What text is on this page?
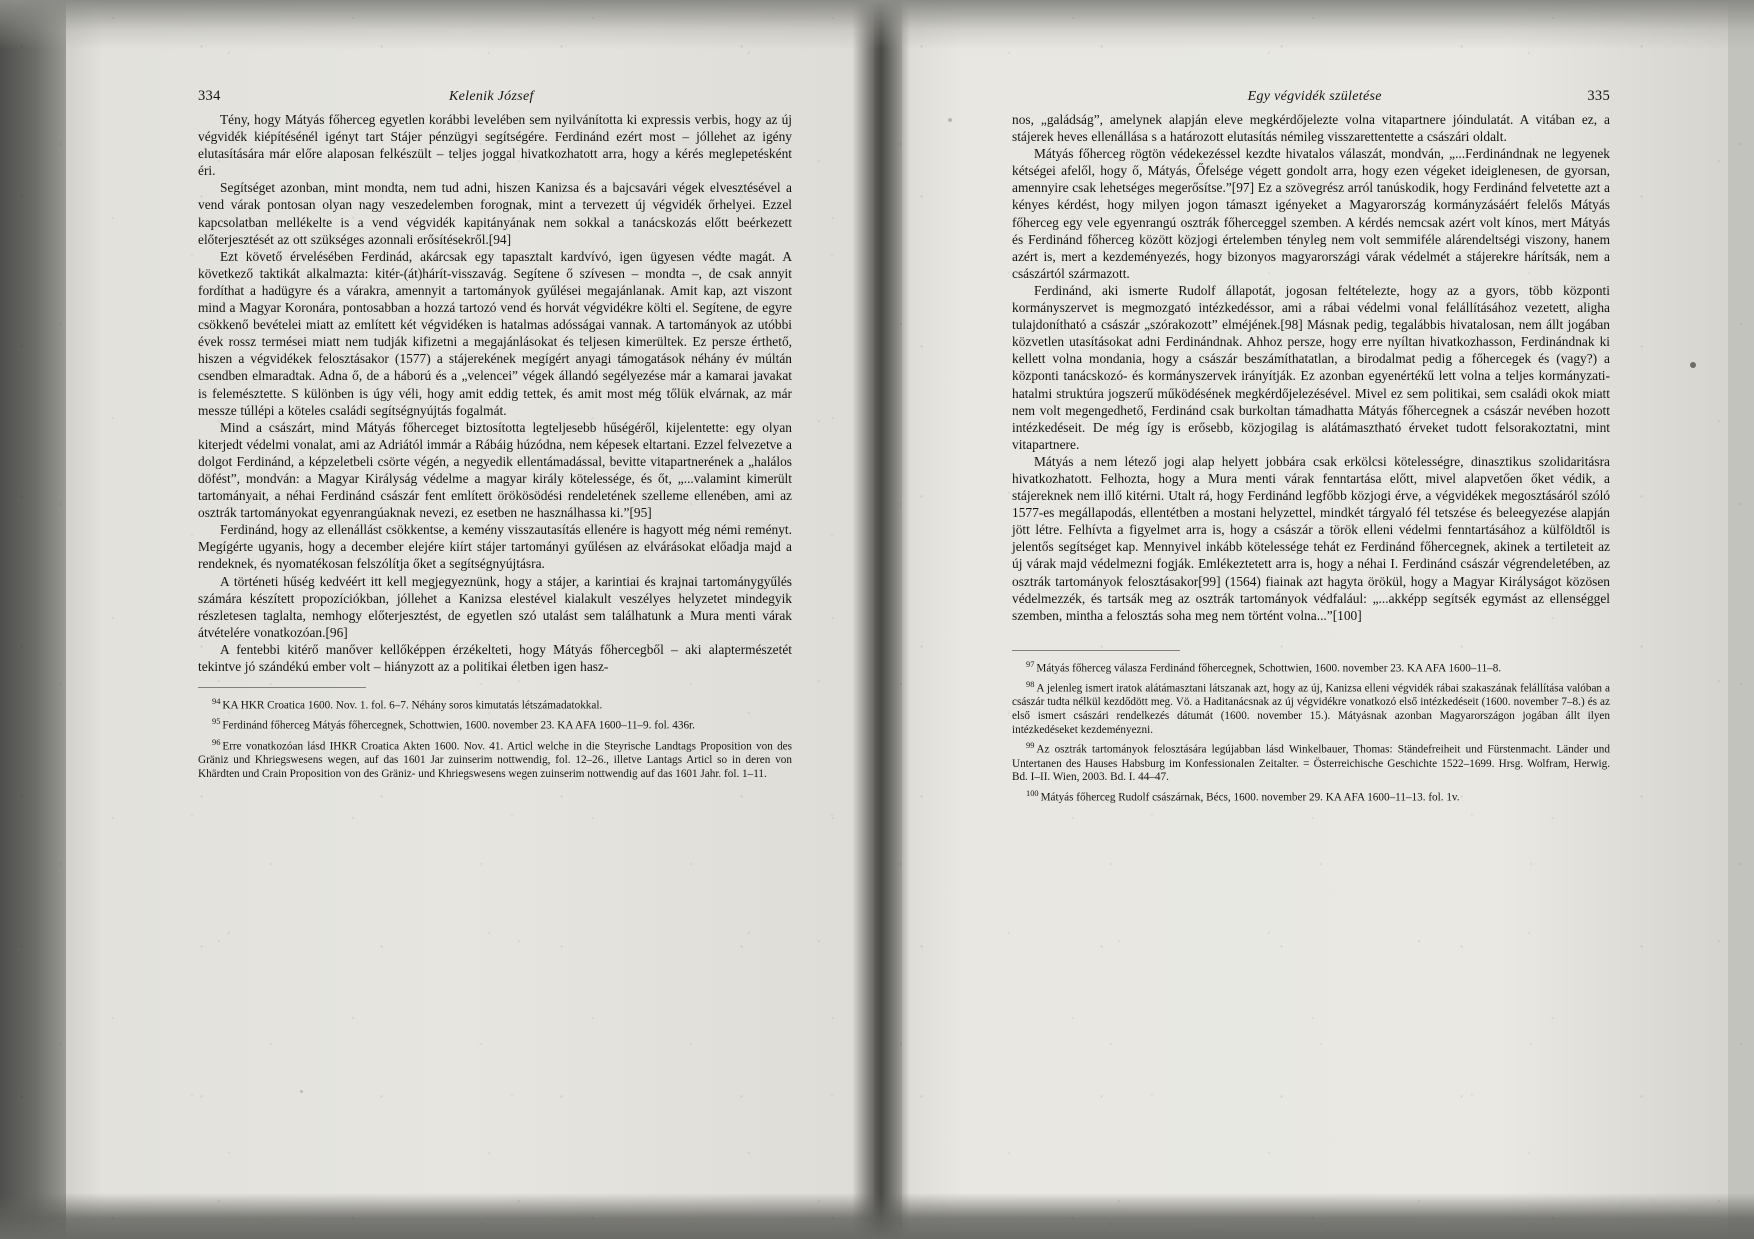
334	Kelenik József

Tény, hogy Mátyás főherceg egyetlen korábbi levelében sem nyilvánította ki expressis verbis, hogy az új végvidék kiépítésénél igényt tart Stájer pénzügyi segítségére. Ferdinánd ezért most – jóllehet az igény elutasítására már előre alaposan felkészült – teljes joggal hivatkozhatott arra, hogy a kérés meglepetésként éri.

Segítséget azonban, mint mondta, nem tud adni, hiszen Kanizsa és a bajcsavári végek elvesztésével a vend várak pontosan olyan nagy veszedelemben forognak, mint a tervezett új végvidék őrhelyei. Ezzel kapcsolatban mellékelte is a vend végvidék kapitányának nem sokkal a tanácskozás előtt beérkezett előterjesztését az ott szükséges azonnali erősítésekről.[94]

Ezt követő érvelésében Ferdinád, akárcsak egy tapasztalt kardvívó, igen ügyesen védte magát. A következő taktikát alkalmazta: kitér-(át)hárít-visszavág. Segítene ő szívesen – mondta –, de csak annyit fordíthat a hadügyre és a várakra, amennyit a tartományok gyűlései megajánlanak. Amit kap, azt viszont mind a Magyar Koronára, pontosabban a hozzá tartozó vend és horvát végvidékre költi el. Segítene, de egyre csökkenő bevételei miatt az említett két végvidéken is hatalmas adósságai vannak. A tartományok az utóbbi évek rossz termései miatt nem tudják kifizetni a megajánlásokat és teljesen kimerültek. Ez persze érthető, hiszen a végvidékek felosztásakor (1577) a stájerekének megígért anyagi támogatások néhány év múltán csendben elmaradtak. Adna ő, de a háború és a „velencei” végek állandó segélyezése már a kamarai javakat is felemésztette. S különben is úgy véli, hogy amit eddig tettek, és amit most még tőlük elvárnak, az már messze túllépi a köteles családi segítségnyújtás fogalmát.

Mind a császárt, mind Mátyás főherceget biztosította legteljesebb hűségéről, kijelentette: egy olyan kiterjedt védelmi vonalat, ami az Adriától immár a Rábáig húzódna, nem képesek eltartani. Ezzel felvezetve a dolgot Ferdinánd, a képzeletbeli csörte végén, a negyedik ellentámadással, bevitte vitapartnerének a „halálos döfést”, mondván: a Magyar Királyság védelme a magyar király kötelessége, és őt, „...valamint kimerült tartományait, a néhai Ferdinánd császár fent említett örökösödési rendeletének szelleme ellenében, ami az osztrák tartományokat egyenrangúaknak nevezi, ez esetben ne használhassa ki.”[95]

Ferdinánd, hogy az ellenállást csökkentse, a kemény visszautasítás ellenére is hagyott még némi reményt. Megígérte ugyanis, hogy a december elejére kiírt stájer tartományi gyűlésen az elvárásokat előadja majd a rendeknek, és nyomatékosan felszólítja őket a segítségnyújtásra.

A történeti hűség kedvéért itt kell megjegyeznünk, hogy a stájer, a karintiai és krajnai tartománygyűlés számára készített propozíciókban, jóllehet a Kanizsa elestével kialakult veszélyes helyzetet mindegyik részletesen taglalta, nemhogy előterjesztést, de egyetlen szó utalást sem találhatunk a Mura menti várak átvételére vonatkozóan.[96]

A fentebbi kitérő manőver kellőképpen érzékelteti, hogy Mátyás főhercegből – aki alaptermészetét tekintve jó szándékú ember volt – hiányzott az a politikai életben igen hasz-

$^{94}$ KA HKR Croatica 1600. Nov. 1. fol. 6–7. Néhány soros kimutatás létszámadatokkal.

$^{95}$ Ferdinánd főherceg Mátyás főhercegnek, Schottwien, 1600. november 23. KA AFA 1600–11–9. fol. 436r.

$^{96}$ Erre vonatkozóan lásd IHKR Croatica Akten 1600. Nov. 41. Articl welche in die Steyrische Landtags Proposition von des Gräniz und Khriegswesens wegen, auf das 1601 Jar zuinserim nottwendig, fol. 12–26., illetve Lantags Articl so in deren von Khärdten und Crain Proposition von des Gräniz- und Khriegswesens wegen zuinserim nottwendig auf das 1601 Jahr. fol. 1–11.

Egy végvidék születése	335

nos, „galádság”, amelynek alapján eleve megkérdőjelezte volna vitapartnere jóindulatát. A vitában ez, a stájerek heves ellenállása s a határozott elutasítás némileg visszarettentette a császári oldalt.

Mátyás főherceg rögtön védekezéssel kezdte hivatalos válaszát, mondván, „...Ferdinándnak ne legyenek kétségei afelől, hogy ő, Mátyás, Őfelsége végett gondolt arra, hogy ezen végeket ideiglenesen, de gyorsan, amennyire csak lehetséges megerősítse.”[97] Ez a szövegrész arról tanúskodik, hogy Ferdinánd felvetette azt a kényes kérdést, hogy milyen jogon támaszt igényeket a Magyarország kormányzásáért felelős Mátyás főherceg egy vele egyenrangú osztrák főherceggel szemben. A kérdés nemcsak azért volt kínos, mert Mátyás és Ferdinánd főherceg között közjogi értelemben tényleg nem volt semmiféle alárendeltségi viszony, hanem azért is, mert a kezdeményezés, hogy bizonyos magyarországi várak védelmét a stájerekre hárítsák, nem a császártól származott.

Ferdinánd, aki ismerte Rudolf állapotát, jogosan feltételezte, hogy az a gyors, több központi kormányszervet is megmozgató intézkedéssor, ami a rábai védelmi vonal felállításához vezetett, aligha tulajdonítható a császár „szórakozott” elméjének.[98] Másnak pedig, tegalábbis hivatalosan, nem állt jogában közvetlen utasításokat adni Ferdinándnak. Ahhoz persze, hogy erre nyíltan hivatkozhasson, Ferdinándnak ki kellett volna mondania, hogy a császár beszámíthatatlan, a birodalmat pedig a főhercegek és (vagy?) a központi tanácskozó- és kormányszervek irányítják. Ez azonban egyenértékű lett volna a teljes kormányzati-hatalmi struktúra jogszerű működésének megkérdőjelezésével. Mivel ez sem politikai, sem családi okok miatt nem volt megengedhető, Ferdinánd csak burkoltan támadhatta Mátyás főhercegnek a császár nevében hozott intézkedéseit. De még így is erősebb, közjogilag is alátámasztható érveket tudott felsorakoztatni, mint vitapartnere.

Mátyás a nem létező jogi alap helyett jobbára csak erkölcsi kötelességre, dinasztikus szolidaritásra hivatkozhatott. Felhozta, hogy a Mura menti várak fenntartása előtt, mivel alapvetően őket védik, a stájereknek nem illő kitérni. Utalt rá, hogy Ferdinánd legfőbb közjogi érve, a végvidékek megosztásáról szóló 1577-es megállapodás, ellentétben a mostani helyzettel, mindkét tárgyaló fél tetszése és beleegyezése alapján jött létre. Felhívta a figyelmet arra is, hogy a császár a török elleni védelmi fenntartásához a külföldtől is jelentős segítséget kap. Mennyivel inkább kötelessége tehát ez Ferdinánd főhercegnek, akinek a tertileteit az új várak majd védelmezni fogják. Emlékeztetett arra is, hogy a néhai I. Ferdinánd császár végrendeletében, az osztrák tartományok felosztásakor[99] (1564) fiainak azt hagyta örökül, hogy a Magyar Királyságot közösen védelmezzék, és tartsák meg az osztrák tartományok védfalául: „...akképp segítsék egymást az ellenséggel szemben, mintha a felosztás soha meg nem történt volna...”[100]

$^{97}$ Mátyás főherceg válasza Ferdinánd főhercegnek, Schottwien, 1600. november 23. KA AFA 1600–11–8.

$^{98}$ A jelenleg ismert iratok alátámasztani látszanak azt, hogy az új, Kanizsa elleni végvidék rábai szakaszának felállítása valóban a császár tudta nélkül kezdődött meg. Vö. a Haditanácsnak az új végvidékre vonatkozó első intézkedéseit (1600. november 7–8.) és az első ismert császári rendelkezés dátumát (1600. november 15.). Mátyásnak azonban Magyarországon jogában állt ilyen intézkedéseket kezdeményezni.

$^{99}$ Az osztrák tartományok felosztására legújabban lásd Winkelbauer, Thomas: Ständefreiheit und Fürstenmacht. Länder und Untertanen des Hauses Habsburg im Konfessionalen Zeitalter. = Österreichische Geschichte 1522–1699. Hrsg. Wolfram, Herwig. Bd. I–II. Wien, 2003. Bd. I. 44–47.

$^{100}$ Mátyás főherceg Rudolf császárnak, Bécs, 1600. november 29. KA AFA 1600–11–13. fol. 1v.
